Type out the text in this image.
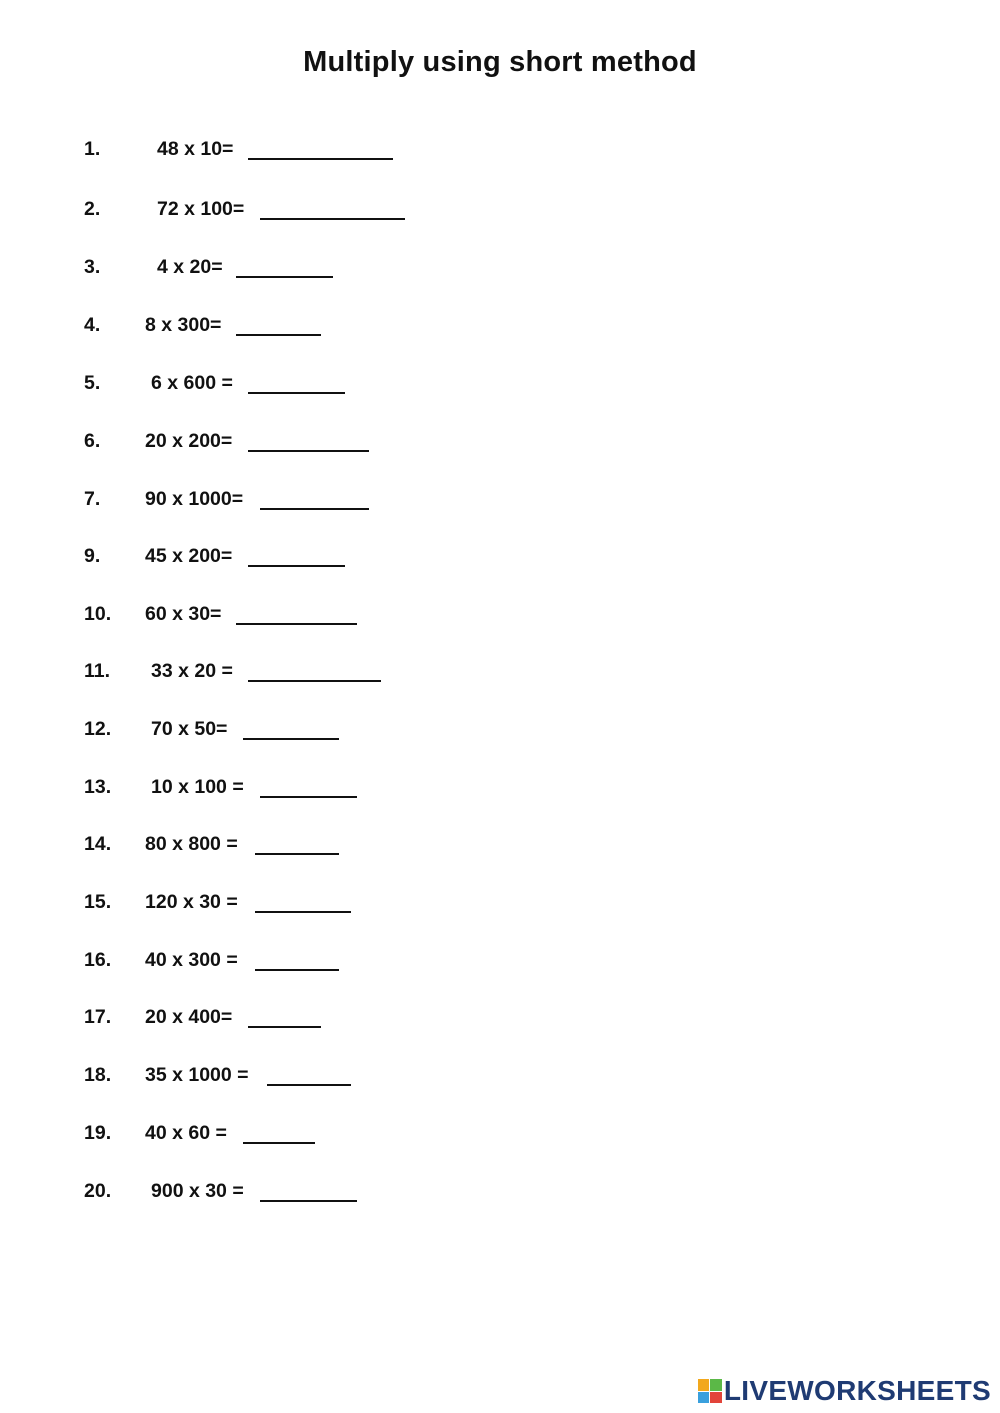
Multiply using short method

1.

	48 x 10=

2.

	72 x 100=

3.

	4 x 20=

4.

8 x 300=

5.

	6 x 600 =

6.

20 x 200=

7.

90 x 1000=

9.

45 x 200=

10.

60 x 30=

11.

33 x 20 =

12.

70 x 50=

13.

10 x 100 =

14.

80 x 800 =

15.

120 x 30 =

16.

40 x 300 =

17.

20 x 400=

18.

35 x 1000 =

19.

40 x 60 =

20.

900 x 30 =

LIVEWORKSHEETS
